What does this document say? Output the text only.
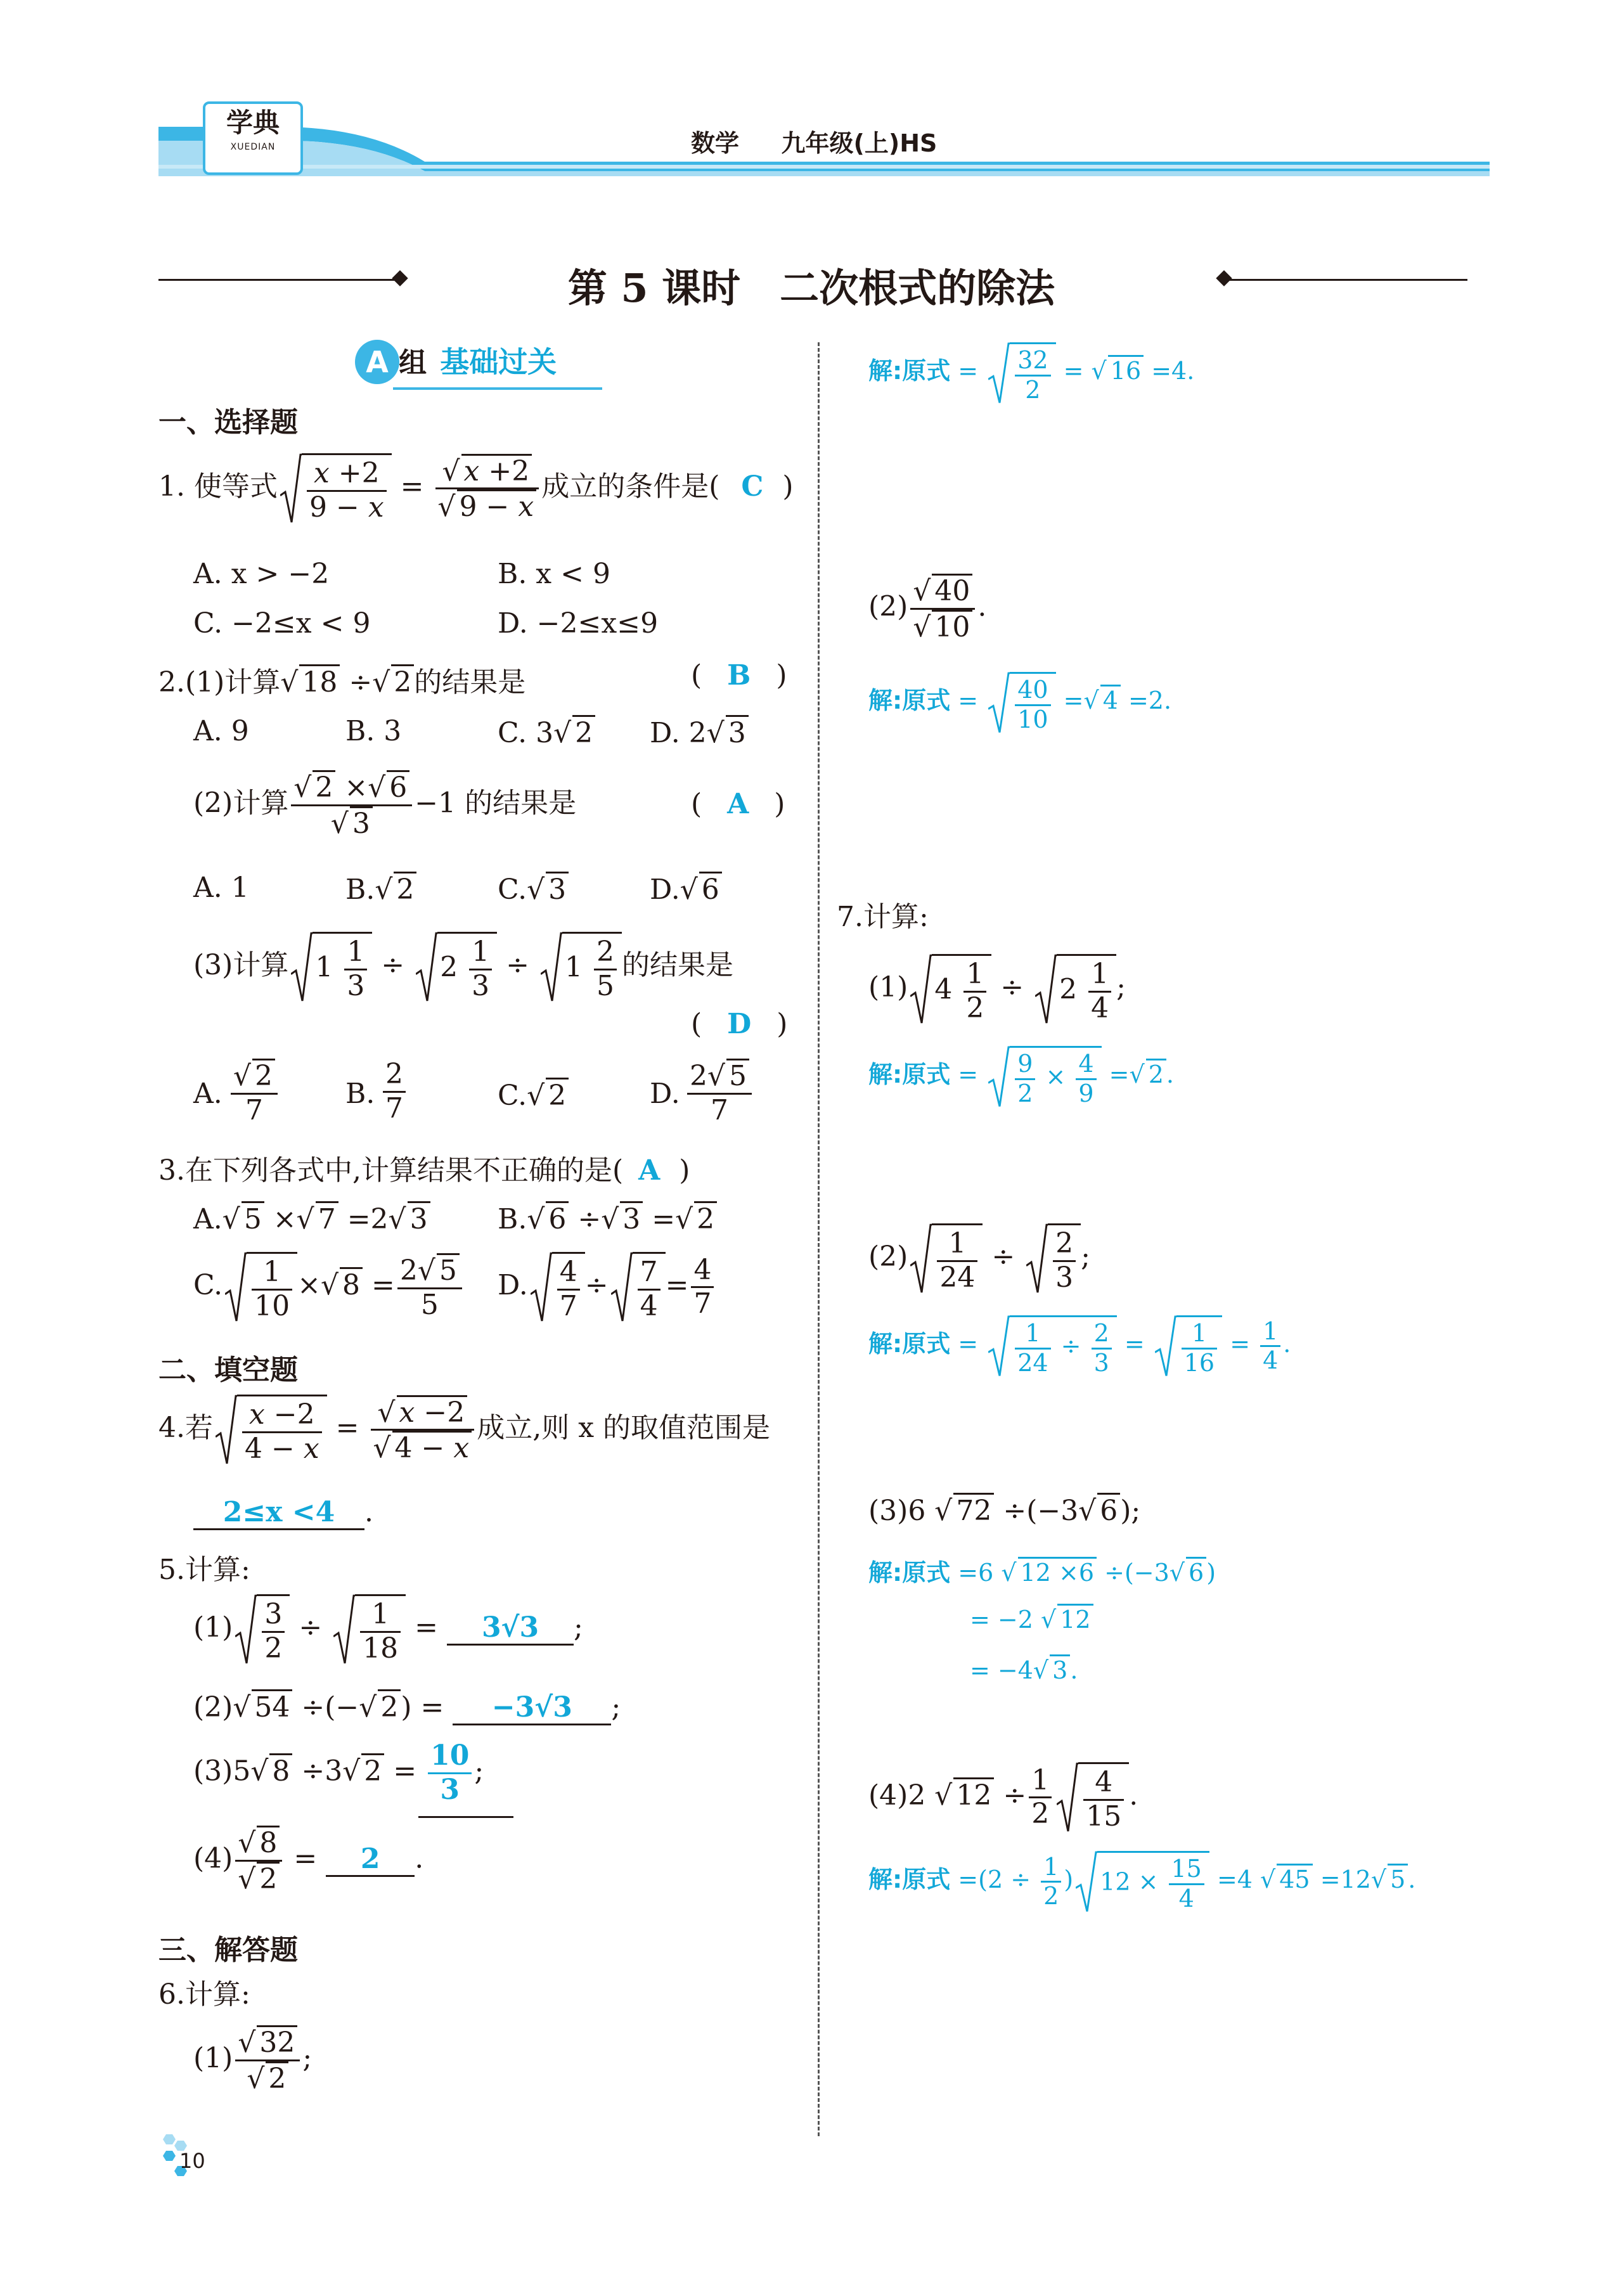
学典
XUEDIAN	数学 九年级(上)HS
第 5 课时　二次根式的除法
A 组 基础过关
一、选择题
1. 使等式 $\frac{x +2}{9 - x} = \frac{√ x +2}{√ 9 - x}$ 成立的条件是( C )
A. x > −2	B. x < 9
C. −2≤x < 9	D. −2≤x≤9
2.(1)计算√ 18 ÷√ 2的结果是	( B )
A. 9	B. 3	C. 3√ 2 D. 2√ 3
(2)计算 $\frac{√ 2 \times√ 6}{√ 3} -1$ 的结果是	( A )
A. 1	B.√ 2	C.√ 3	D.√ 6
(3)计算 $1 \frac{1}{3}$ ÷
$2 \frac{1}{3}$ ÷
$1 \frac{2}{5}$ 的结果是
( D )
A. $\frac{√ 2}{7} B$. $\frac{2}{7}$	C.√ 2	D. $\frac{2√ 5}{7}$
3.在下列各式中,计算结果不正确的是( A )
A.√ 5 ×√ 7 =2√ 3	B.√ 6 ÷√ 3 =√ 2
C. $\frac{1}{10}$ ×√ $8 = \frac{2√ 5}{5} D$. $\frac{4}{7} \div \frac{7}{4} = \frac{4}{7}$
二、填空题
4.若 $\frac{x -2}{4 - x} = \frac{√ x -2}{√ 4 - x}$ 成立,则 x 的取值范围是
2≤x <4 .
5.计算:
$(1) \frac{3}{2} \div \frac{1}{18} = 3√3$ ;
(2)√ 54 ÷(−√ 2) = −3√3 ;
(3)5√ 8 ÷3√ $2 = \frac{10}{3}$ ;
$(4) \frac{√ 8}{√ 2} = 2$ .
三、解答题
6.计算:
$(1) \frac{√ 32}{√ 2}$ ;
10
解:原式 = $\frac{32}{2}$ = √ 16 =4.
$(2) \frac{√ 40}{√ 10}$ .
解:原式 = $\frac{40}{10}$ =√ 4 =2.
7.计算:
(1) $4 \frac{1}{2}$ ÷
$2 \frac{1}{4}$ ;
解:原式 = $\frac{9}{2} \times \frac{4}{9}$ =√ 2 .
$(2) \frac{1}{24} \div \frac{2}{3}$ ;
解:原式 = $\frac{1}{24} \div \frac{2}{3} = \frac{1}{16} = \frac{1}{4}$ .
(3)6 √ 72 ÷(−3√ 6);
解:原式 =6 √ 12 ×6 ÷(−3√ 6 )
= −2 √ 12
= −4√ 3 .
(4)2 √ $12 \div \frac{1}{2} \frac{4}{15}$ .
解:原式 $=(2 \div \frac{1}{2}$ ) $12 \times \frac{15}{4} =4$ √ 45 =12√ 5 .
